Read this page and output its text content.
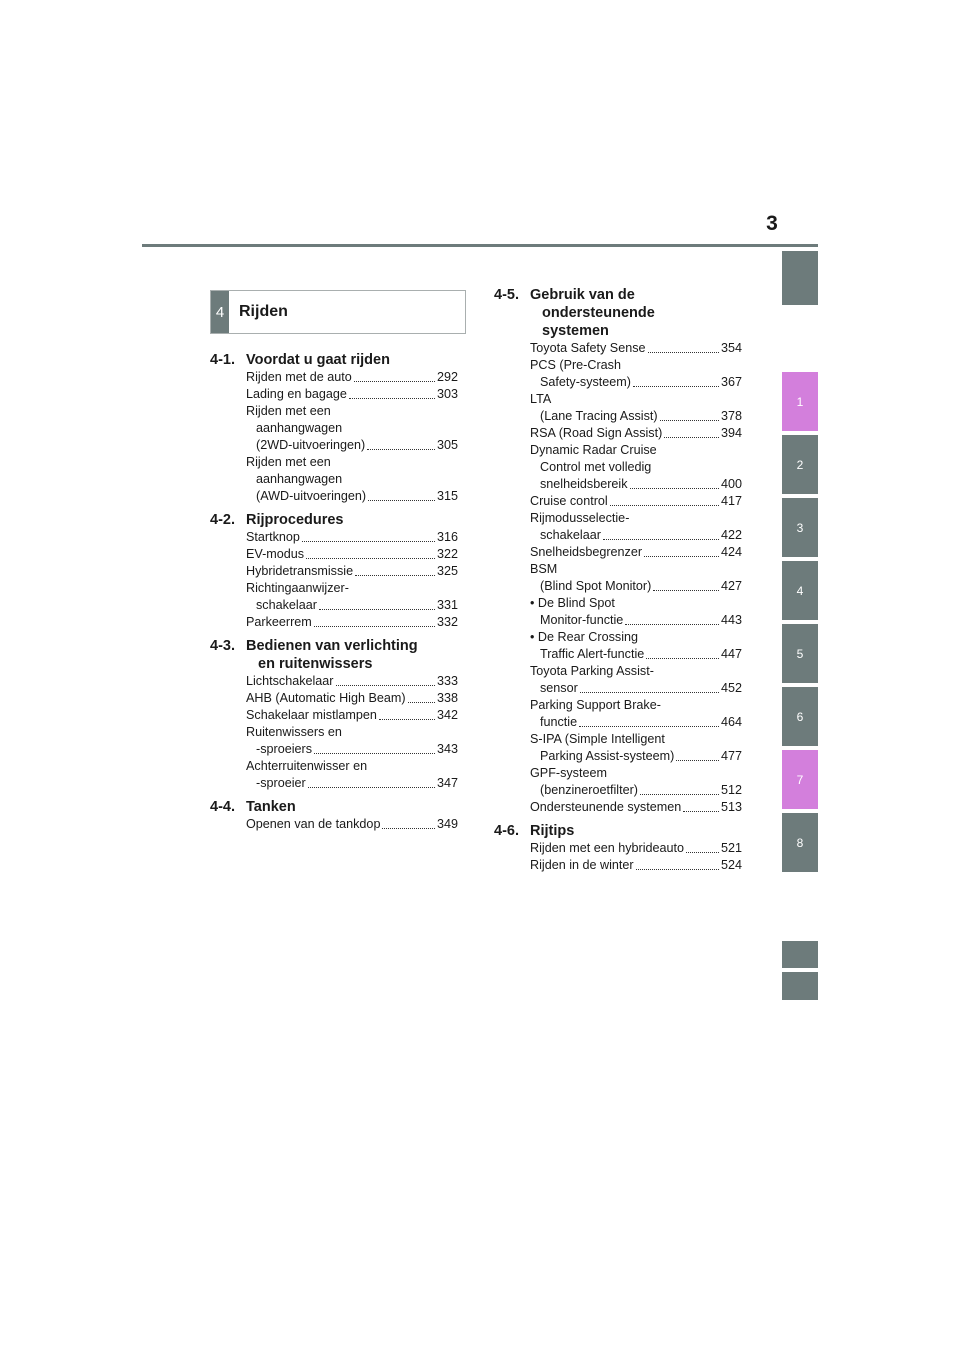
3
1
2
3
4
5
6
7
8
4 Rijden
4-1. Voordat u gaat rijden
Rijden met de auto	292
Lading en bagage	303
Rijden met een
aanhangwagen
(2WD-uitvoeringen)	305
Rijden met een
aanhangwagen
(AWD-uitvoeringen)	315
4-2. Rijprocedures
Startknop	316
EV-modus	322
Hybridetransmissie	325
Richtingaanwijzer-
schakelaar	331
Parkeerrem	332
4-3. Bedienen van verlichting
en ruitenwissers
Lichtschakelaar	333
AHB (Automatic High Beam) 338
Schakelaar mistlampen	342
Ruitenwissers en
-sproeiers	343
Achterruitenwisser en
-sproeier	347
4-4. Tanken
Openen van de tankdop	349
4-5. Gebruik van de
ondersteunende
systemen
Toyota Safety Sense	354
PCS (Pre-Crash
Safety-systeem)	367
LTA
(Lane Tracing Assist)	378
RSA (Road Sign Assist)	394
Dynamic Radar Cruise
Control met volledig
snelheidsbereik	400
Cruise control	417
Rijmodusselectie-
schakelaar	422
Snelheidsbegrenzer	424
BSM
(Blind Spot Monitor)	427
• De Blind Spot
Monitor-functie	443
• De Rear Crossing
Traffic Alert-functie	447
Toyota Parking Assist-
sensor	452
Parking Support Brake-
functie	464
S-IPA (Simple Intelligent
Parking Assist-systeem)	477
GPF-systeem
(benzineroetfilter)	512
Ondersteunende systemen	513
4-6. Rijtips
Rijden met een hybrideauto	521
Rijden in de winter	524
